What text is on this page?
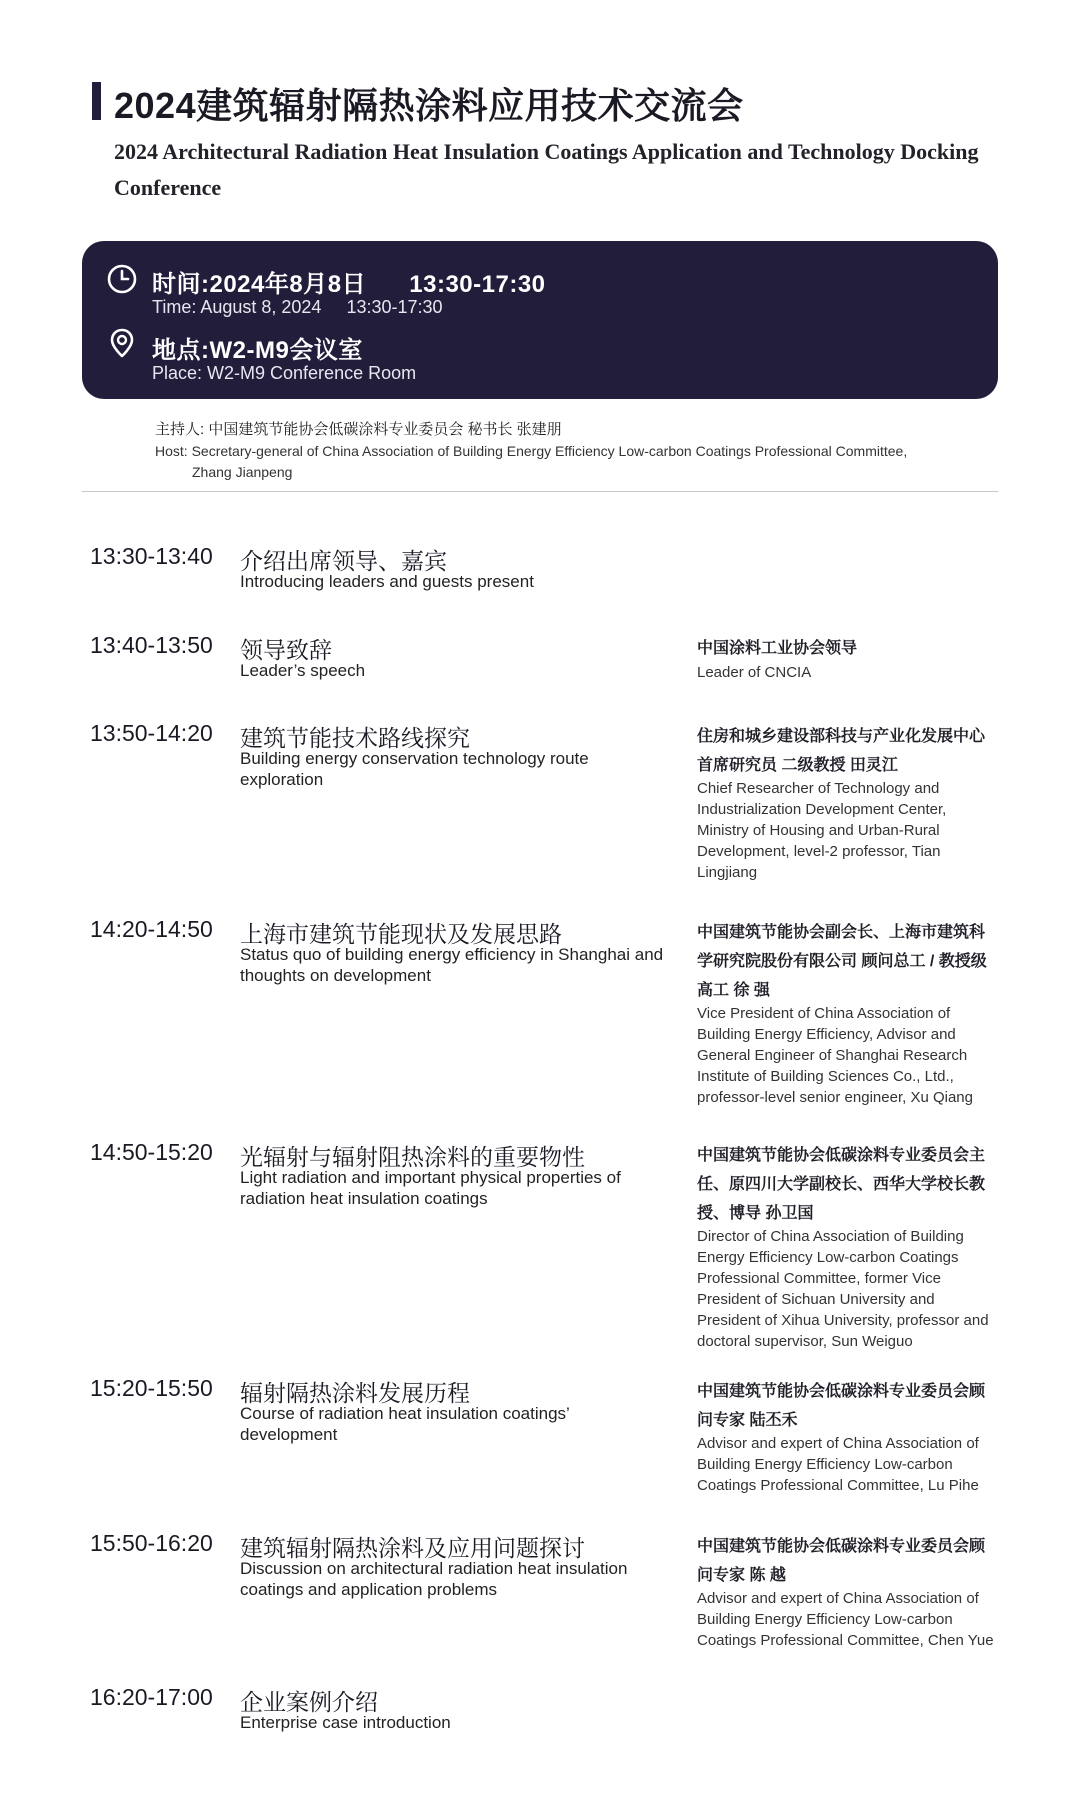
2024建筑辐射隔热涂料应用技术交流会
2024 Architectural Radiation Heat Insulation Coatings Application and Technology Docking Conference
时间:2024年8月8日 13:30-17:30
Time: August 8, 2024 13:30-17:30
地点:W2-M9会议室
Place: W2-M9 Conference Room
主持人: 中国建筑节能协会低碳涂料专业委员会 秘书长 张建朋
Host: Secretary-general of China Association of Building Energy Efficiency Low-carbon Coatings Professional Committee,
Zhang Jianpeng
13:30-13:40 介绍出席领导、嘉宾
Introducing leaders and guests present
13:40-13:50 领导致辞
Leader’s speech
中国涂料工业协会领导
Leader of CNCIA
13:50-14:20 建筑节能技术路线探究
Building energy conservation technology route exploration
住房和城乡建设部科技与产业化发展中心首席研究员 二级教授 田灵江
Chief Researcher of Technology and Industrialization Development Center, Ministry of Housing and Urban-Rural Development, level-2 professor, Tian Lingjiang
14:20-14:50 上海市建筑节能现状及发展思路
Status quo of building energy efficiency in Shanghai and thoughts on development
中国建筑节能协会副会长、上海市建筑科学研究院股份有限公司 顾问总工 / 教授级高工 徐 强
Vice President of China Association of Building Energy Efficiency, Advisor and General Engineer of Shanghai Research Institute of Building Sciences Co., Ltd., professor-level senior engineer, Xu Qiang
14:50-15:20 光辐射与辐射阻热涂料的重要物性
Light radiation and important physical properties of radiation heat insulation coatings
中国建筑节能协会低碳涂料专业委员会主任、原四川大学副校长、西华大学校长教授、博导 孙卫国
Director of China Association of Building Energy Efficiency Low-carbon Coatings Professional Committee, former Vice President of Sichuan University and President of Xihua University, professor and doctoral supervisor, Sun Weiguo
15:20-15:50 辐射隔热涂料发展历程
Course of radiation heat insulation coatings’ development
中国建筑节能协会低碳涂料专业委员会顾问专家 陆丕禾
Advisor and expert of China Association of Building Energy Efficiency Low-carbon Coatings Professional Committee, Lu Pihe
15:50-16:20 建筑辐射隔热涂料及应用问题探讨
Discussion on architectural radiation heat insulation coatings and application problems
中国建筑节能协会低碳涂料专业委员会顾问专家 陈 越
Advisor and expert of China Association of Building Energy Efficiency Low-carbon Coatings Professional Committee, Chen Yue
16:20-17:00 企业案例介绍
Enterprise case introduction
